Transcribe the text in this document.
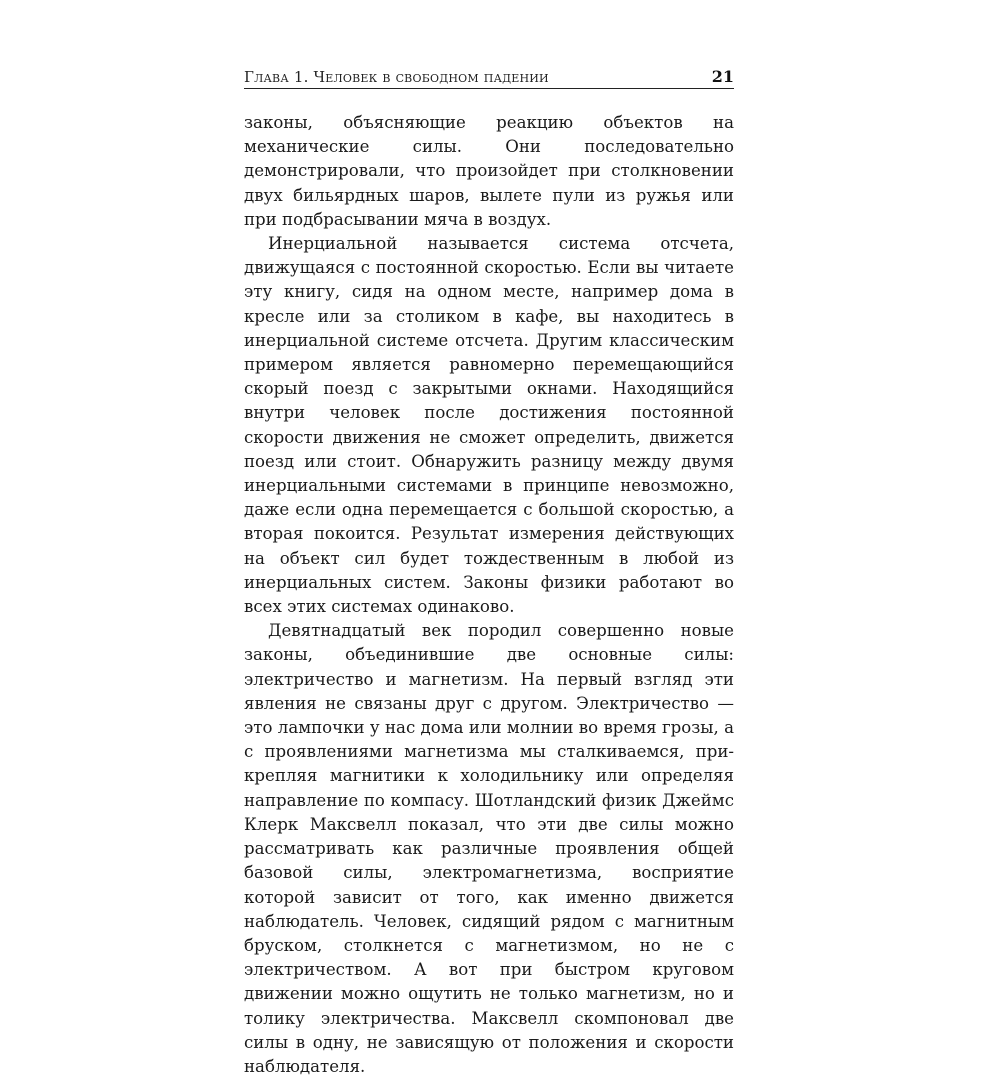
Глава 1. Человек в свободном падении	21

законы, объясняющие реакцию объектов на механические силы. Они последовательно демонстрировали, что произойдет при столкновении двух бильярдных шаров, вылете пули из ружья или при подбрасывании мяча в воздух.

Инерциальной называется система отсчета, движущаяся с постоянной скоростью. Если вы читаете эту книгу, сидя на одном месте, например дома в кресле или за столиком в кафе, вы находитесь в инерциальной системе отсчета. Другим классическим примером является равномерно перемещающийся скорый поезд с закрытыми окнами. Находящийся внутри человек после достижения постоянной скорости движения не сможет определить, движется поезд или стоит. Обнаружить разницу между двумя инерциальными системами в принципе невозможно, даже если одна перемещается с большой скоростью, а вторая покоится. Результат измерения действующих на объект сил будет тождественным в любой из инерциальных систем. Законы физики работают во всех этих системах одинаково.

Девятнадцатый век породил совершенно новые законы, объединившие две основные силы: электричество и магнетизм. На первый взгляд эти явления не связаны друг с другом. Электричество — это лампочки у нас дома или молнии во время грозы, а с проявлениями магнетизма мы сталкиваемся, прикрепляя магнитики к холодильнику или определяя направление по компасу. Шотландский физик Джеймс Клерк Максвелл показал, что эти две силы можно рассматривать как различные проявления общей базовой силы, электромагнетизма, восприятие которой зависит от того, как именно движется наблюдатель. Человек, сидящий рядом с магнитным бруском, столкнется с магнетизмом, но не с электричеством. А вот при быстром круговом движении можно ощутить не только магнетизм, но и толику электричества. Максвелл скомпоновал две силы в одну, не зависящую от положения и скорости наблюдателя.
